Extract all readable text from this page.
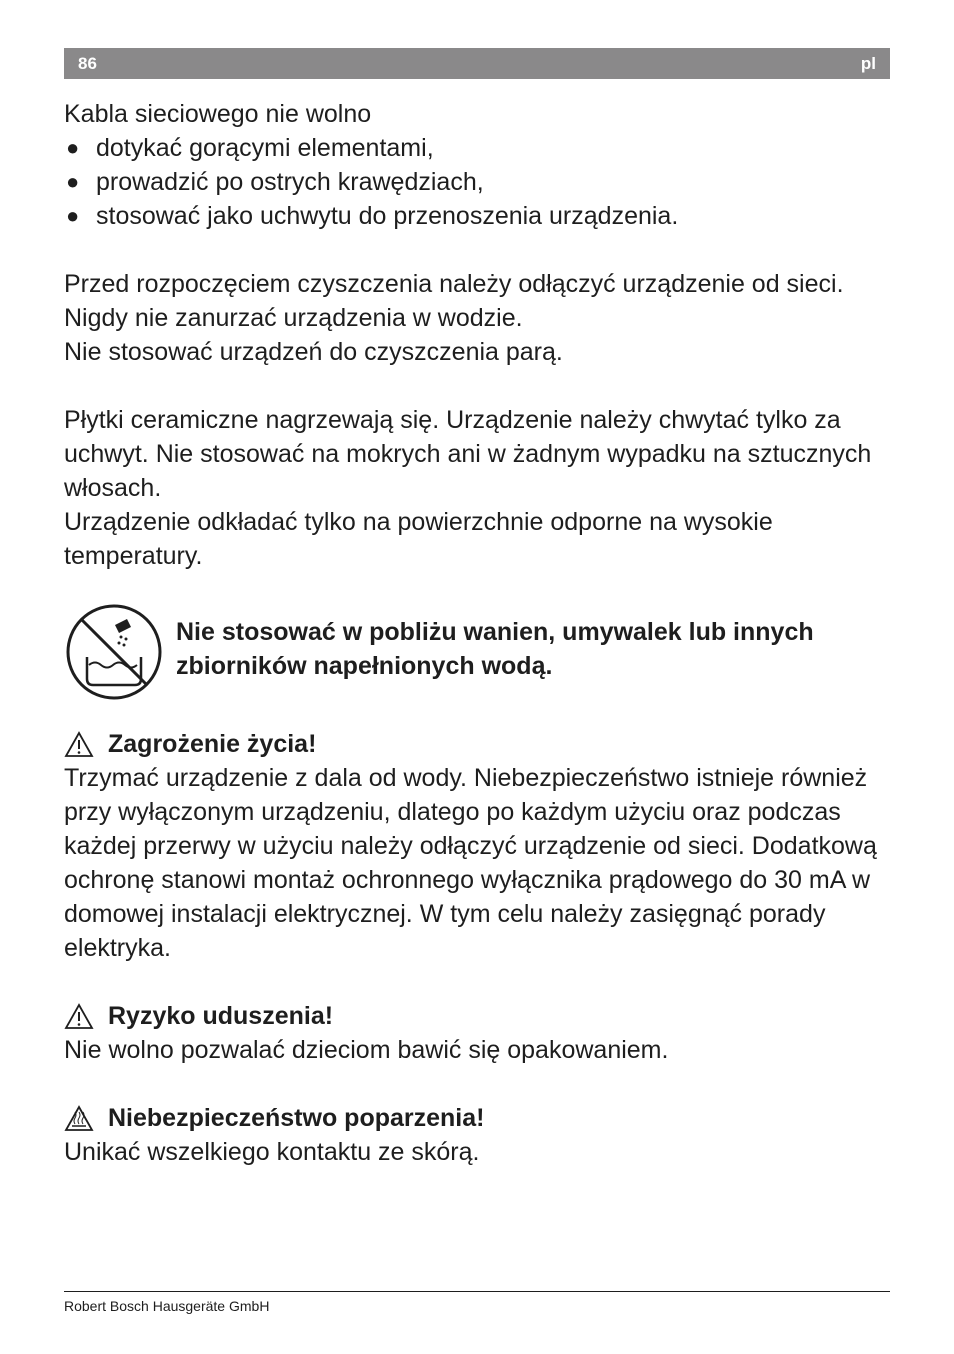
86	pl

Kabla sieciowego nie wolno

● dotykać gorącymi elementami,
● prowadzić po ostrych krawędziach,
● stosować jako uchwytu do przenoszenia urządzenia.

Przed rozpoczęciem czyszczenia należy odłączyć urządzenie od sieci.

Nigdy nie zanurzać urządzenia w wodzie.

Nie stosować urządzeń do czyszczenia parą.

Płytki ceramiczne nagrzewają się. Urządzenie należy chwytać tylko za uchwyt. Nie stosować na mokrych ani w żadnym wypadku na sztucznych włosach.

Urządzenie odkładać tylko na powierzchnie odporne na wysokie temperatury.

Nie stosować w pobliżu wanien, umywalek lub innych zbiorników napełnionych wodą.

Zagrożenie życia!

Trzymać urządzenie z dala od wody. Niebezpieczeństwo istnieje również przy wyłączonym urządzeniu, dlatego po każdym użyciu oraz podczas każdej przerwy w użyciu należy odłączyć urządzenie od sieci. Dodatkową ochronę stanowi montaż ochronnego wyłącznika prądowego do 30 mA w domowej instalacji elektrycznej. W tym celu należy zasięgnąć porady elektryka.

Ryzyko uduszenia!

Nie wolno pozwalać dzieciom bawić się opakowaniem.

Niebezpieczeństwo poparzenia!

Unikać wszelkiego kontaktu ze skórą.

Robert Bosch Hausgeräte GmbH
